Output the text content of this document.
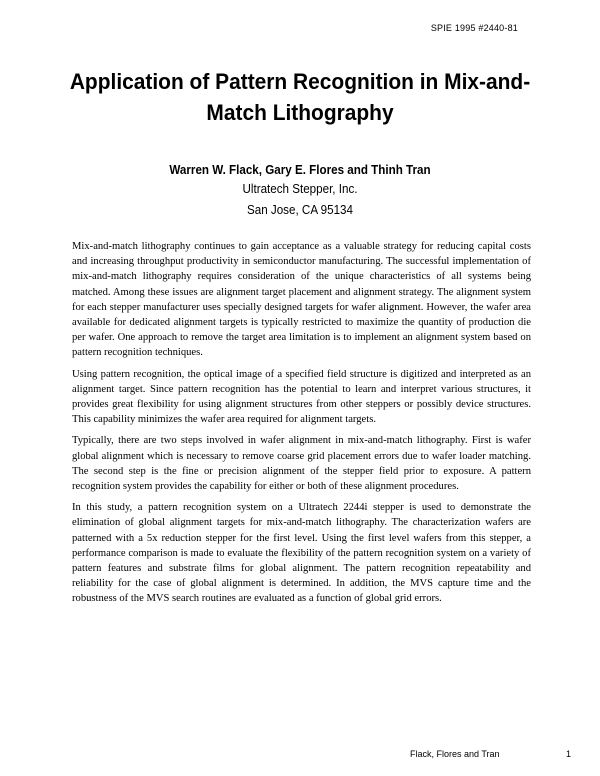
SPIE 1995 #2440-81
Application of Pattern Recognition in Mix-and-
Match Lithography
Warren W. Flack, Gary E. Flores and Thinh Tran
Ultratech Stepper, Inc.
San Jose, CA 95134

Mix-and-match lithography continues to gain acceptance as a valuable strategy for reducing capital costs and increasing throughput productivity in semiconductor manufacturing. The successful implementation of mix-and-match lithography requires consideration of the unique characteristics of all systems being matched. Among these issues are alignment target placement and alignment strategy. The alignment system for each stepper manufacturer uses specially designed targets for wafer alignment. However, the wafer area available for dedicated alignment targets is typically restricted to maximize the quantity of production die per wafer. One approach to remove the target area limitation is to implement an alignment system based on pattern recognition techniques.

Using pattern recognition, the optical image of a specified field structure is digitized and interpreted as an alignment target. Since pattern recognition has the potential to learn and interpret various structures, it provides great flexibility for using alignment structures from other steppers or possibly device structures. This capability minimizes the wafer area required for alignment targets.

Typically, there are two steps involved in wafer alignment in mix-and-match lithography. First is wafer global alignment which is necessary to remove coarse grid placement errors due to wafer loader matching. The second step is the fine or precision alignment of the stepper field prior to exposure. A pattern recognition system provides the capability for either or both of these alignment procedures.

In this study, a pattern recognition system on a Ultratech 2244i stepper is used to demonstrate the elimination of global alignment targets for mix-and-match lithography. The characterization wafers are patterned with a 5x reduction stepper for the first level. Using the first level wafers from this stepper, a performance comparison is made to evaluate the flexibility of the pattern recognition system on a variety of pattern features and substrate films for global alignment. The pattern recognition repeatability and reliability for the case of global alignment is determined. In addition, the MVS capture time and the robustness of the MVS search routines are evaluated as a function of global grid errors.

Flack, Flores and Tran	1
